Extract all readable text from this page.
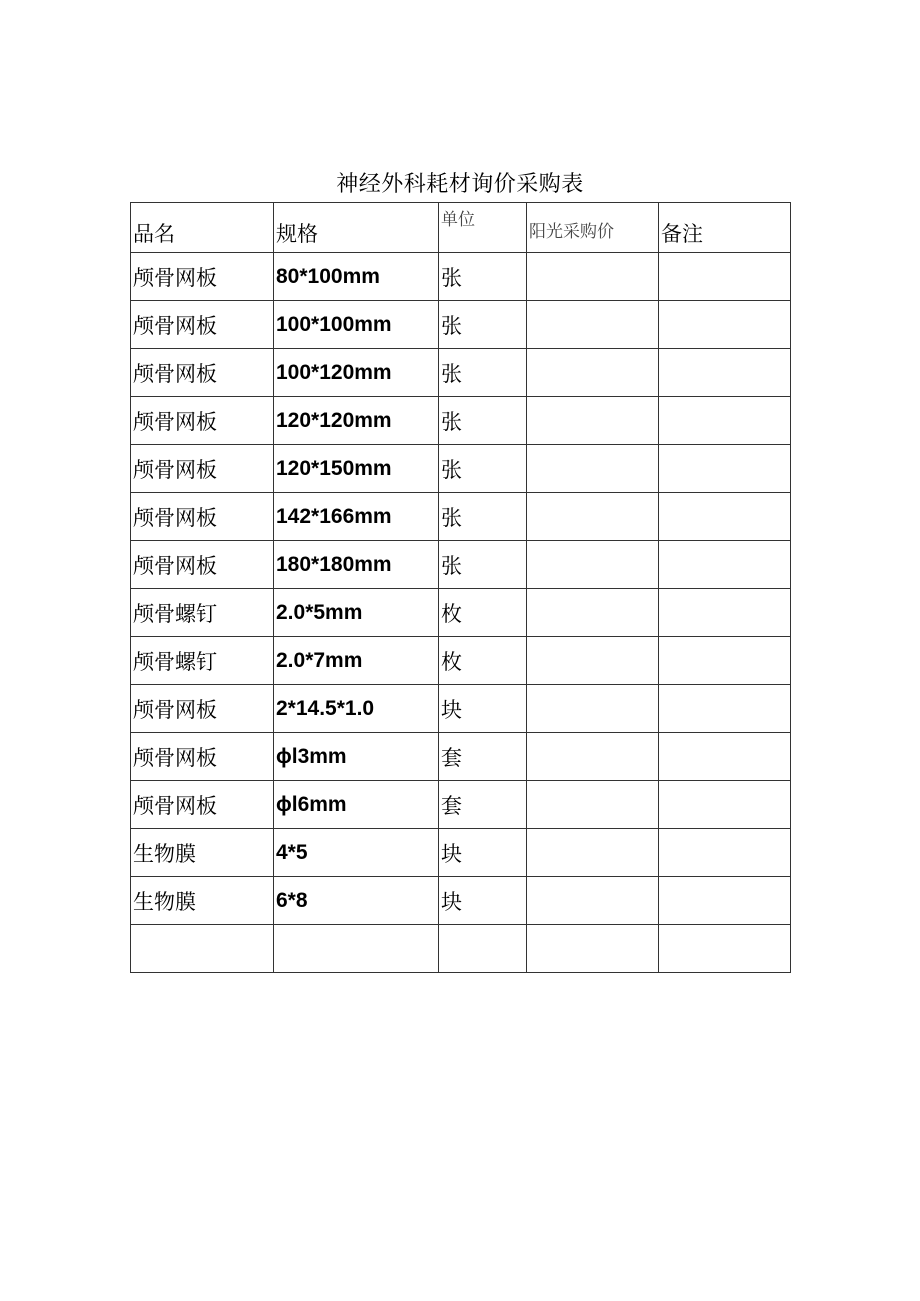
神经外科耗材询价采购表
品名	规格	单位	阳光采购价	备注
颅骨网板	80*100mm	张		
颅骨网板	100*100mm	张		
颅骨网板	100*120mm	张		
颅骨网板	120*120mm	张		
颅骨网板	120*150mm	张		
颅骨网板	142*166mm	张		
颅骨网板	180*180mm	张		
颅骨螺钉	2.0*5mm	枚		
颅骨螺钉	2.0*7mm	枚		
颅骨网板	2*14.5*1.0	块		
颅骨网板	ϕl3mm	套		
颅骨网板	ϕl6mm	套		
生物膜	4*5	块		
生物膜	6*8	块		
